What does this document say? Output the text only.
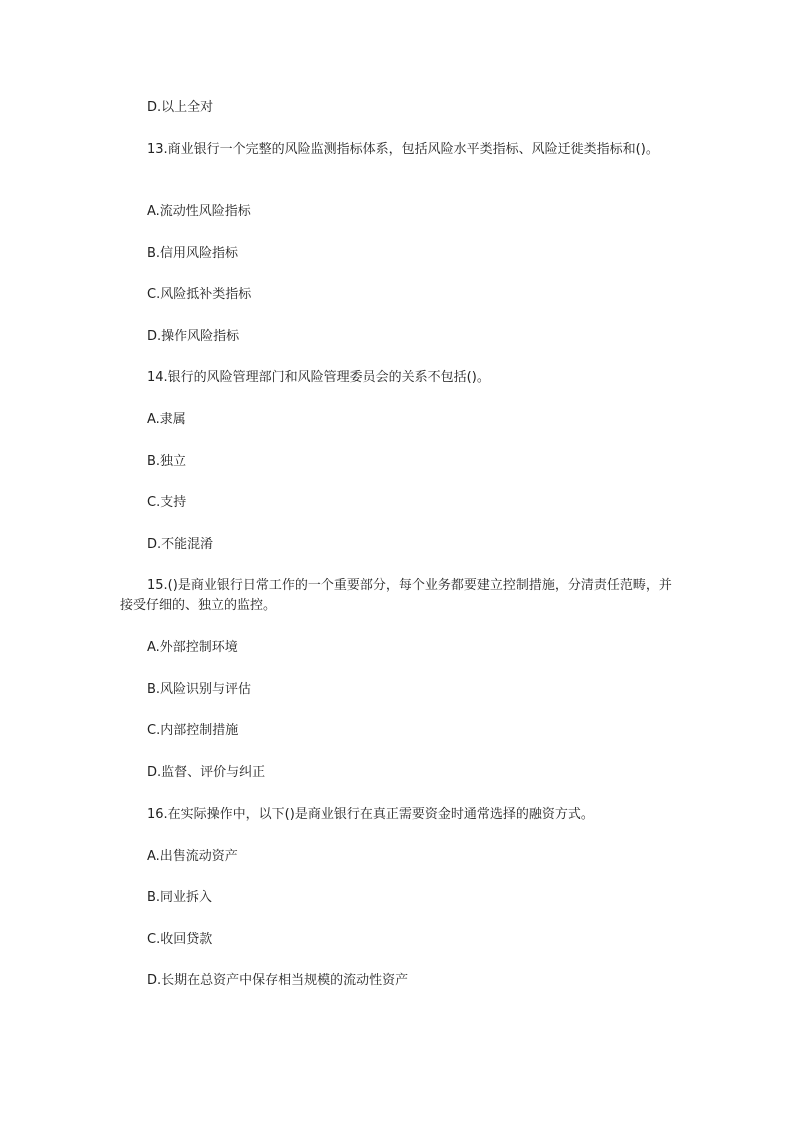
D.以上全对
13.商业银行一个完整的风险监测指标体系，包括风险水平类指标、风险迁徙类指标和()。
A.流动性风险指标
B.信用风险指标
C.风险抵补类指标
D.操作风险指标
14.银行的风险管理部门和风险管理委员会的关系不包括()。
A.隶属
B.独立
C.支持
D.不能混淆
15.()是商业银行日常工作的一个重要部分，每个业务都要建立控制措施，分清责任范畴，并接受仔细的、独立的监控。
A.外部控制环境
B.风险识别与评估
C.内部控制措施
D.监督、评价与纠正
16.在实际操作中，以下()是商业银行在真正需要资金时通常选择的融资方式。
A.出售流动资产
B.同业拆入
C.收回贷款
D.长期在总资产中保存相当规模的流动性资产
